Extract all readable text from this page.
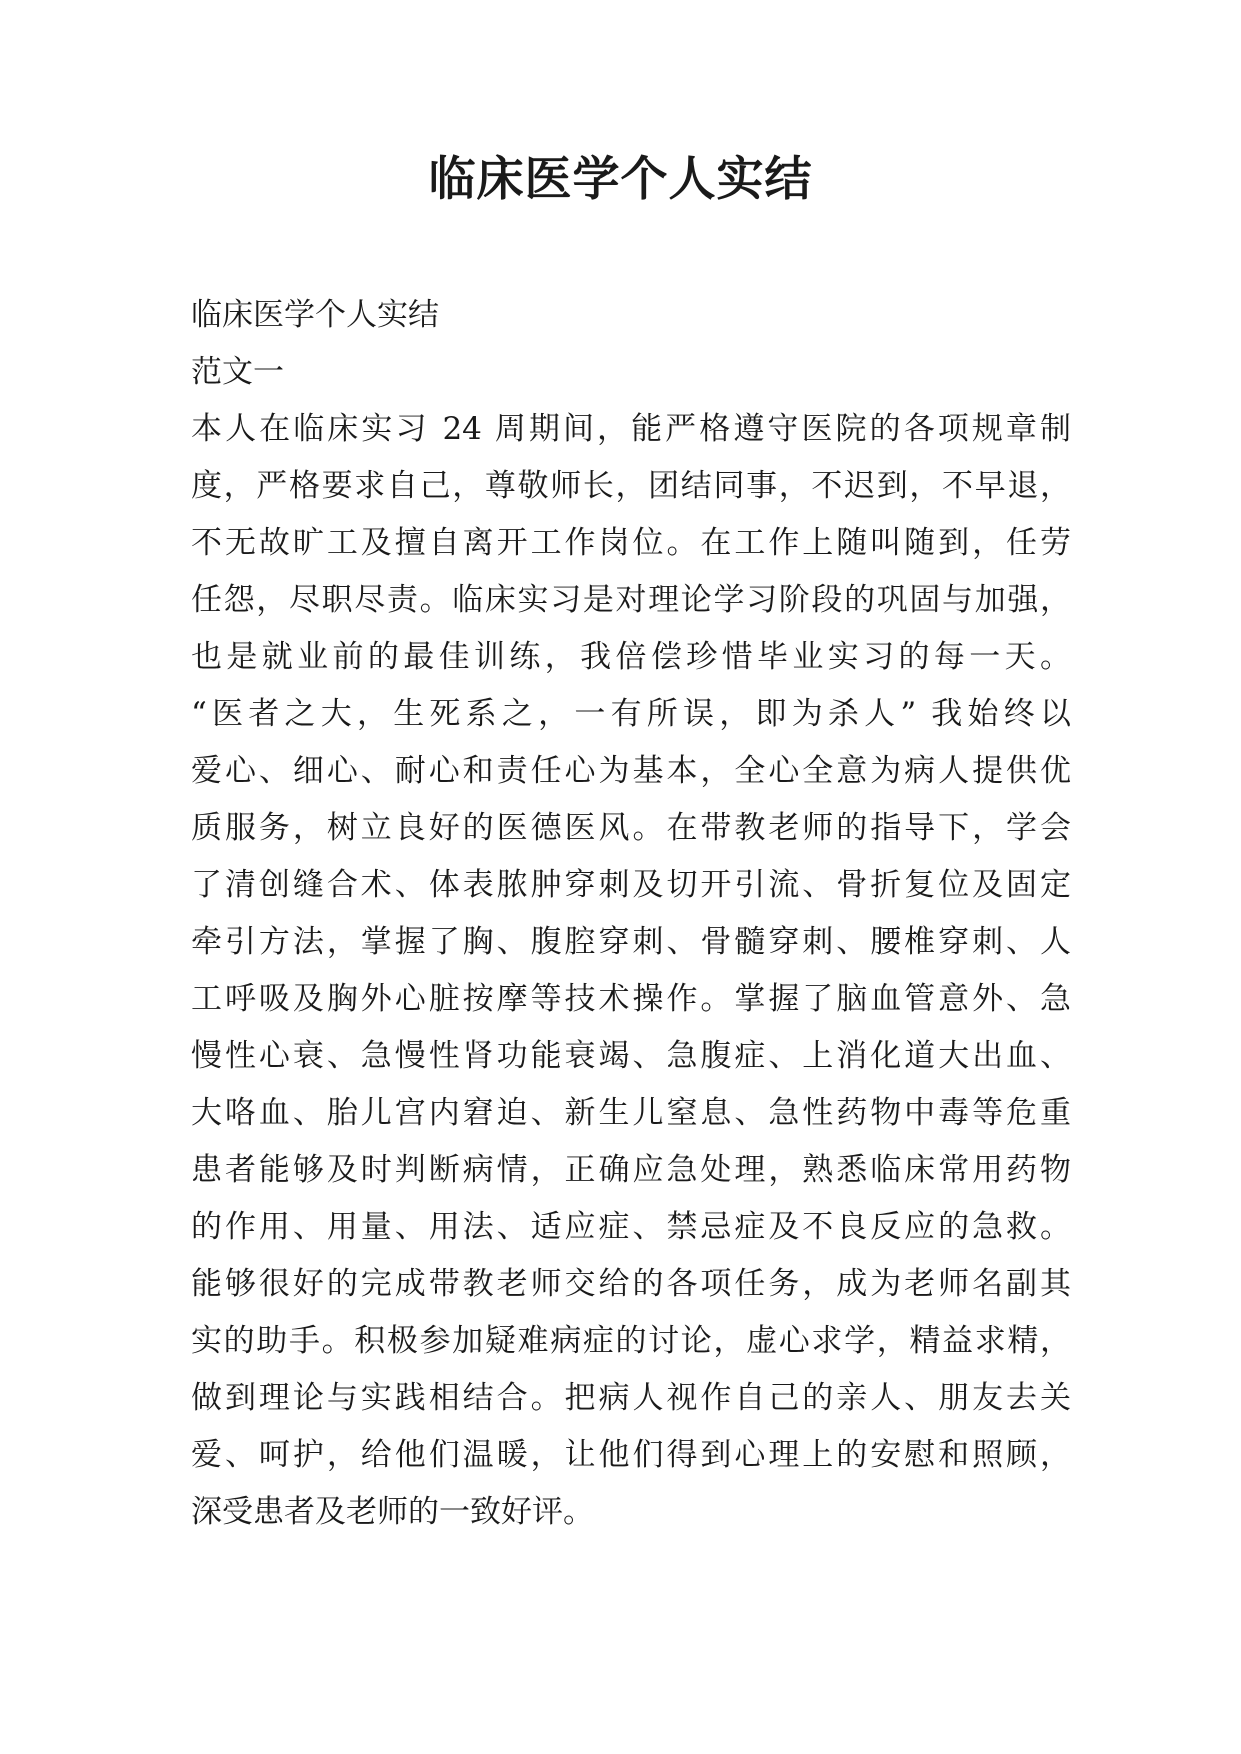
临床医学个人实结
临床医学个人实结
范文一
本人在临床实习 24 周期间，能严格遵守医院的各项规章制
度，严格要求自己，尊敬师长，团结同事，不迟到，不早退，
不无故旷工及擅自离开工作岗位。在工作上随叫随到，任劳
任怨，尽职尽责。临床实习是对理论学习阶段的巩固与加强，
也是就业前的最佳训练，我倍偿珍惜毕业实习的每一天。
“医者之大，生死系之，一有所误，即为杀人” 我始终以
爱心、细心、耐心和责任心为基本，全心全意为病人提供优
质服务，树立良好的医德医风。在带教老师的指导下，学会
了清创缝合术、体表脓肿穿刺及切开引流、骨折复位及固定
牵引方法，掌握了胸、腹腔穿刺、骨髓穿刺、腰椎穿刺、人
工呼吸及胸外心脏按摩等技术操作。掌握了脑血管意外、急
慢性心衰、急慢性肾功能衰竭、急腹症、上消化道大出血、
大咯血、胎儿宫内窘迫、新生儿窒息、急性药物中毒等危重
患者能够及时判断病情，正确应急处理，熟悉临床常用药物
的作用、用量、用法、适应症、禁忌症及不良反应的急救。
能够很好的完成带教老师交给的各项任务，成为老师名副其
实的助手。积极参加疑难病症的讨论，虚心求学，精益求精，
做到理论与实践相结合。把病人视作自己的亲人、朋友去关
爱、呵护，给他们温暖，让他们得到心理上的安慰和照顾，
深受患者及老师的一致好评。
